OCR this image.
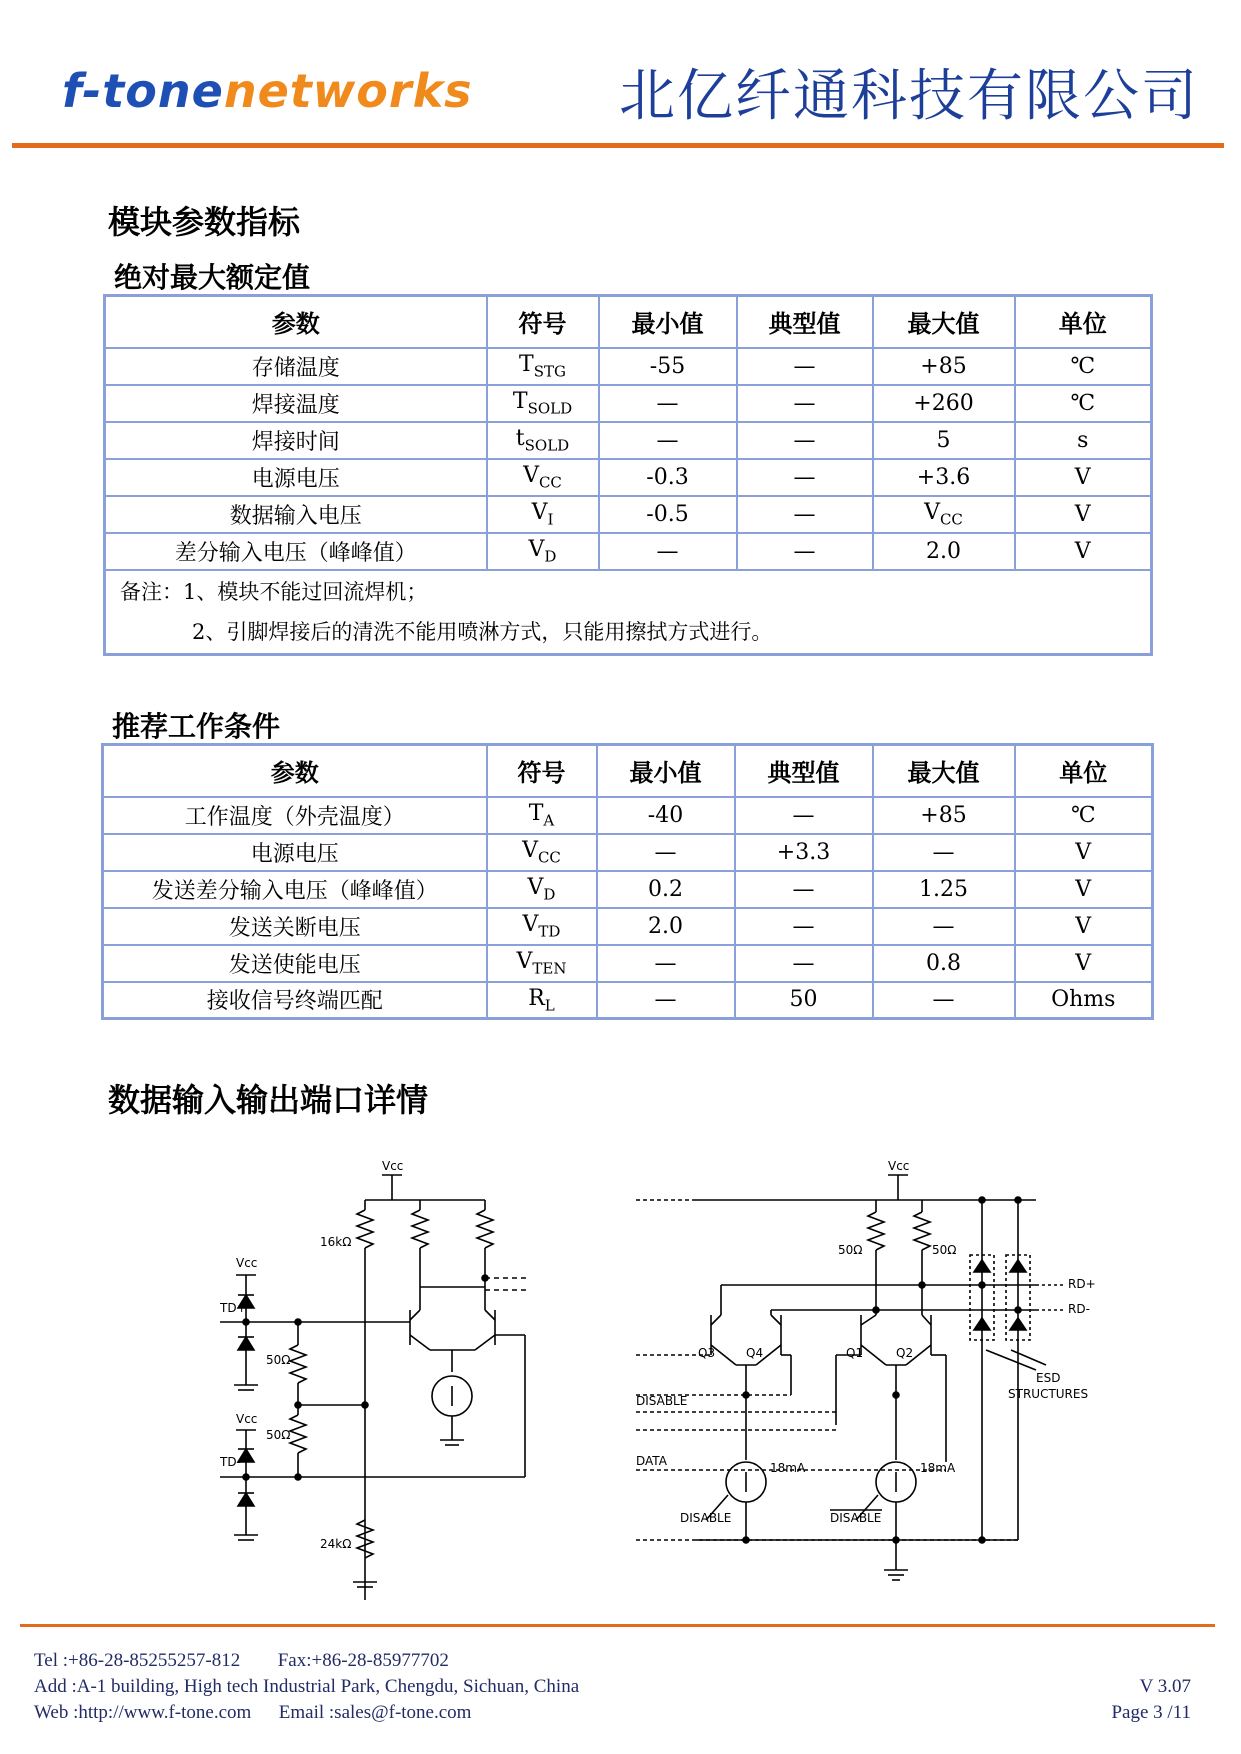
f-tonenetworks	北亿纤通科技有限公司
模块参数指标
绝对最大额定值
参数	符号	最小值	典型值	最大值	单位
存储温度	$T_{STG}$	-55	—	+85	℃
焊接温度	$T_{SOLD}$	—	—	+260	℃
焊接时间	$t_{SOLD}$	—	—	5	s
电源电压	$V_{CC}$	-0.3	—	+3.6	V
数据输入电压	$V_I$	-0.5	—	$V_{CC}$	V
差分输入电压（峰峰值）	$V_D$	—	—	2.0	V

备注：1、模块不能过回流焊机；
2、引脚焊接后的清洗不能用喷淋方式，只能用擦拭方式进行。					
推荐工作条件
参数	符号	最小值	典型值	最大值	单位
工作温度（外壳温度）	$T_A$	-40	—	+85	℃
电源电压	$V_{CC}$	—	+3.3	—	V
发送差分输入电压（峰峰值）	$V_D$	0.2	—	1.25	V
发送关断电压	$V_{TD}$	2.0	—	—	V
发送使能电压	$V_{TEN}$	—	—	0.8	V
接收信号终端匹配	$R_L$	—	50	—	Ohms
数据输入输出端口详情
Vcc
16kΩ
Vcc
TD+
50Ω
50Ω
Vcc
TD-
24kΩ
Vcc
50Ω	50Ω
RD+
RD-
ESD
STRUCTURES
Q3	Q4
DISABLE
Q1	Q2
DATA	18mA
DISABLE
18mA
DISABLE
Tel :+86-28-85255257-812 Fax:+86-28-85977702
Add :A-1 building, High tech Industrial Park, Chengdu, Sichuan, China
Web :http://www.f-tone.com Email :sales@f-tone.com
V 3.07
Page 3 /11
